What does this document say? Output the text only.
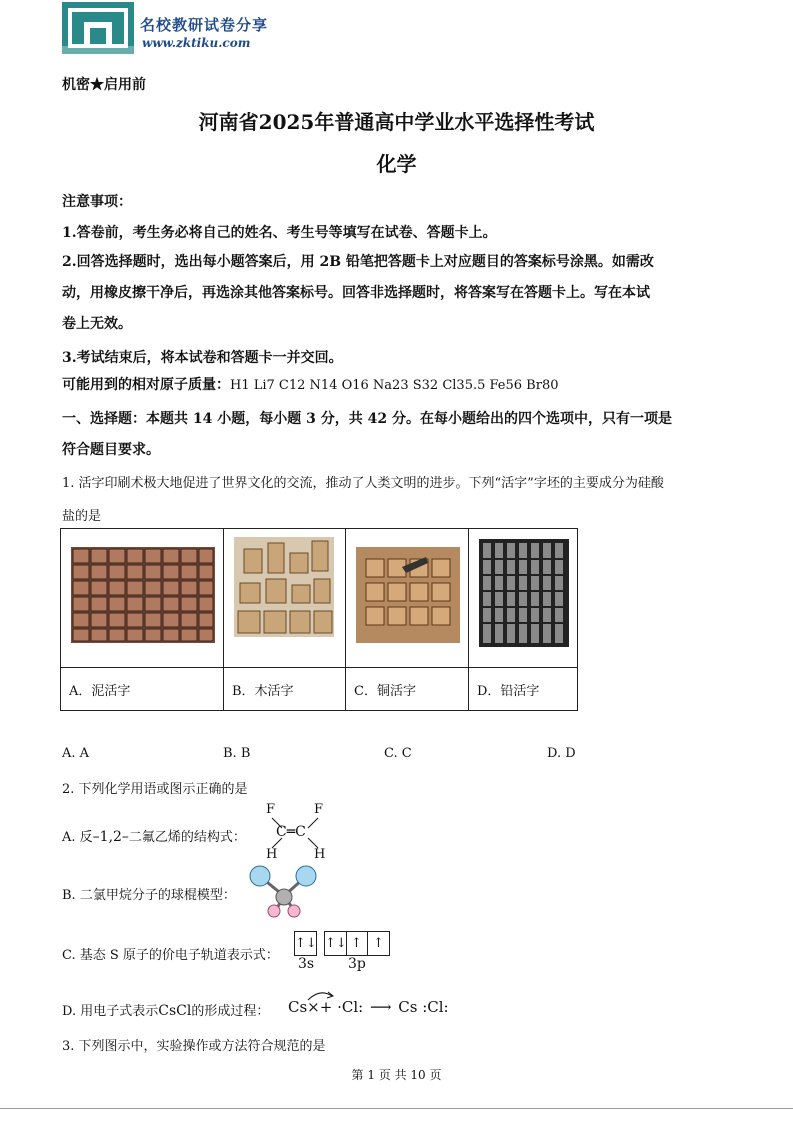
名校教研试卷分享
www.zktiku.com
机密★启用前
河南省2025年普通高中学业水平选择性考试
化学
注意事项：
1.答卷前，考生务必将自己的姓名、考生号等填写在试卷、答题卡上。
2.回答选择题时，选出每小题答案后，用 2B 铅笔把答题卡上对应题目的答案标号涂黑。如需改
动，用橡皮擦干净后，再选涂其他答案标号。回答非选择题时，将答案写在答题卡上。写在本试
卷上无效。
3.考试结束后，将本试卷和答题卡一并交回。
可能用到的相对原子质量：H1 Li7 C12 N14 O16 Na23 S32 Cl35.5 Fe56 Br80
一、选择题：本题共 14 小题，每小题 3 分，共 42 分。在每小题给出的四个选项中，只有一项是
符合题目要求。
1. 活字印刷术极大地促进了世界文化的交流，推动了人类文明的进步。下列“活字”字坯的主要成分为硅酸
盐的是

A．泥活字	B．木活字	C．铜活字	D．铅活字
A. A	B. B	C. C	D. D
2. 下列化学用语或图示正确的是
A. 反–1,2–二氟乙烯的结构式：
F	F
C═C
H	H
B. 二氯甲烷分子的球棍模型：
C. 基态 S 原子的价电子轨道表示式：
↑↓ ↑↓ ↑ ↑
3s 3p
D. 用电子式表示CsCl的形成过程：	Cs×+ ·Cl: ⟶ Cs :Cl:
3. 下列图示中，实验操作或方法符合规范的是
第 1 页 共 10 页
